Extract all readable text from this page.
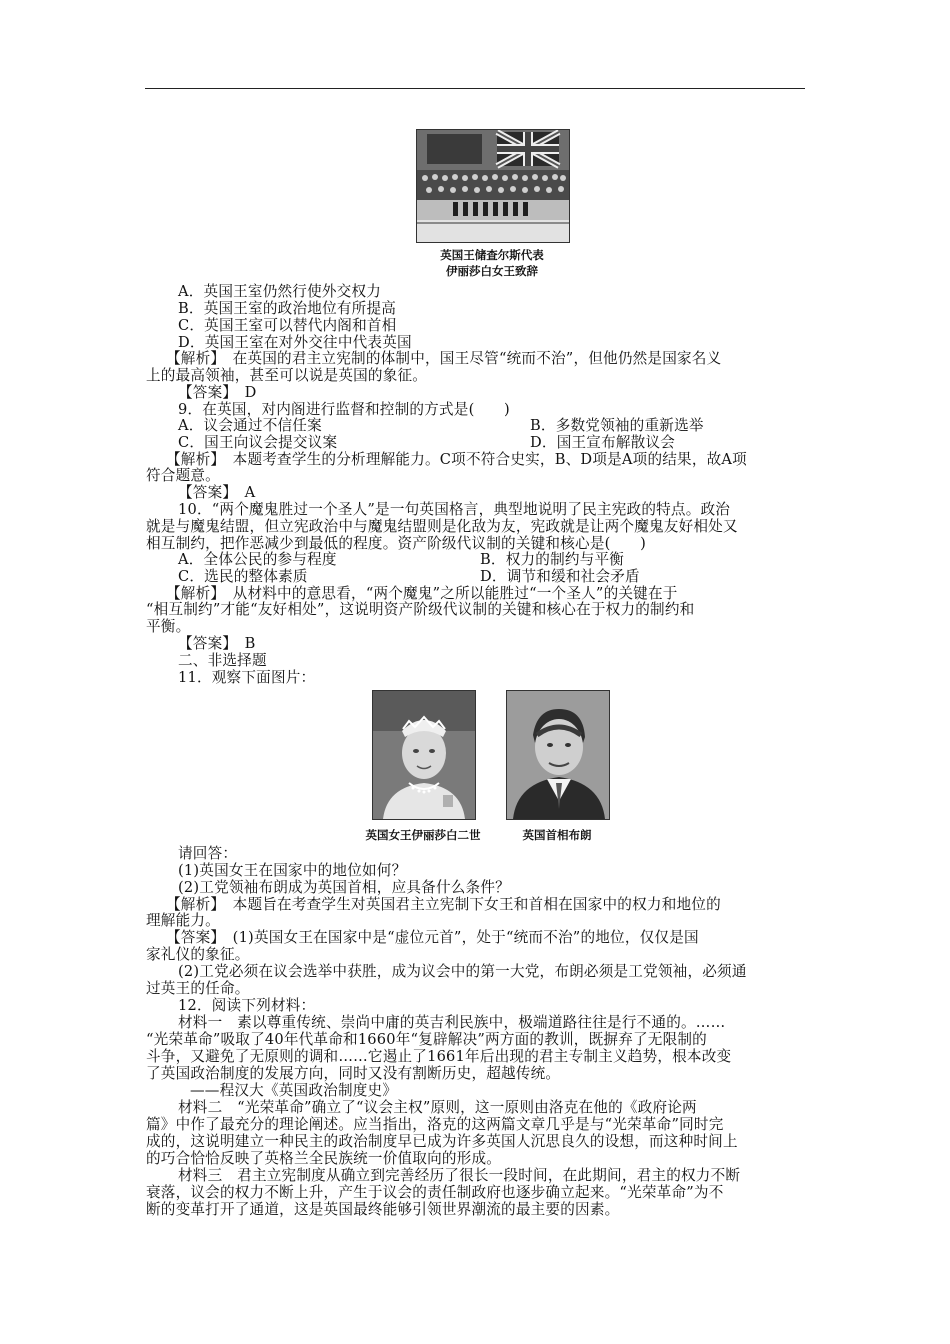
英国王储查尔斯代表
伊丽莎白女王致辞
英国女王伊丽莎白二世	英国首相布朗
A．英国王室仍然行使外交权力
B．英国王室的政治地位有所提高
C．英国王室可以替代内阁和首相
D．英国王室在对外交往中代表英国
【解析】　在英国的君主立宪制的体制中，国王尽管“统而不治”，但他仍然是国家名义
上的最高领袖，甚至可以说是英国的象征。
【答案】　D
9．在英国，对内阁进行监督和控制的方式是(　　)
A．议会通过不信任案	B．多数党领袖的重新选举
C．国王向议会提交议案	D．国王宣布解散议会
【解析】　本题考查学生的分析理解能力。C项不符合史实，B、D项是A项的结果，故A项
符合题意。
【答案】　A
10．“两个魔鬼胜过一个圣人”是一句英国格言，典型地说明了民主宪政的特点。政治
就是与魔鬼结盟，但立宪政治中与魔鬼结盟则是化敌为友，宪政就是让两个魔鬼友好相处又
相互制约，把作恶减少到最低的程度。资产阶级代议制的关键和核心是(　　)
A．全体公民的参与程度	B．权力的制约与平衡
C．选民的整体素质	D．调节和缓和社会矛盾
【解析】　从材料中的意思看，“两个魔鬼”之所以能胜过“一个圣人”的关键在于
“相互制约”才能“友好相处”，这说明资产阶级代议制的关键和核心在于权力的制约和
平衡。
【答案】　B
二、非选择题
11．观察下面图片：
请回答：
(1)英国女王在国家中的地位如何？
(2)工党领袖布朗成为英国首相，应具备什么条件？
【解析】　本题旨在考查学生对英国君主立宪制下女王和首相在国家中的权力和地位的
理解能力。
【答案】　(1)英国女王在国家中是“虚位元首”，处于“统而不治”的地位，仅仅是国
家礼仪的象征。
(2)工党必须在议会选举中获胜，成为议会中的第一大党，布朗必须是工党领袖，必须通
过英王的任命。
12．阅读下列材料：
材料一　素以尊重传统、崇尚中庸的英吉利民族中，极端道路往往是行不通的。……
“光荣革命”吸取了40年代革命和1660年“复辟解决”两方面的教训，既摒弃了无限制的
斗争，又避免了无原则的调和……它遏止了1661年后出现的君主专制主义趋势，根本改变
了英国政治制度的发展方向，同时又没有割断历史，超越传统。
——程汉大《英国政治制度史》
材料二　“光荣革命”确立了“议会主权”原则，这一原则由洛克在他的《政府论两
篇》中作了最充分的理论阐述。应当指出，洛克的这两篇文章几乎是与“光荣革命”同时完
成的，这说明建立一种民主的政治制度早已成为许多英国人沉思良久的设想，而这种时间上
的巧合恰恰反映了英格兰全民族统一价值取向的形成。
材料三　君主立宪制度从确立到完善经历了很长一段时间，在此期间，君主的权力不断
衰落，议会的权力不断上升，产生于议会的责任制政府也逐步确立起来。“光荣革命”为不
断的变革打开了通道，这是英国最终能够引领世界潮流的最主要的因素。
